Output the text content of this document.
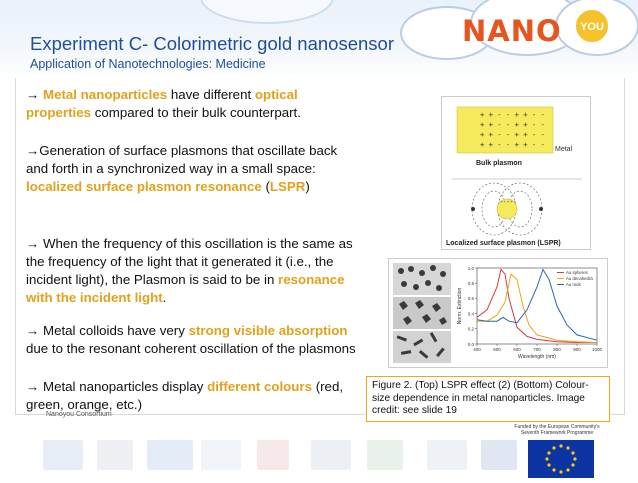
NANO	YOU
Experiment C- Colorimetric gold nanosensor
Application of Nanotechnologies: Medicine
→ Metal nanoparticles have different optical properties compared to their bulk counterpart.
→Generation of surface plasmons that oscillate back and forth in a synchronized way in a small space: localized surface plasmon resonance (LSPR)
→ When the frequency of this oscillation is the same as the frequency of the light that it generated it (i.e., the incident light), the Plasmon is said to be in resonance with the incident light.
→ Metal colloids have very strong visible absorption due to the resonant coherent oscillation of the plasmons
→ Metal nanoparticles display different colours (red, green, orange, etc.)
+ + - - + + - -
+ + - - + + - -
+ + - - + + - -
+ + - - + + - -
Metal
Bulk plasmon
+ + + + +
Localized surface plasmon (LSPR)
0.0
0.2
0.4
0.6
0.8
1.0
400	500	600	700	800	900 1000
Wavelength (nm)
Norm. Extinction
Au spheres
Au decahedra
Au rods
Figure 2. (Top) LSPR effect (2) (Bottom) Colour-size dependence in metal nanoparticles. Image credit: see slide 19
Nanoyou Consortium
Funded by the European Community's Seventh Framework Programme
